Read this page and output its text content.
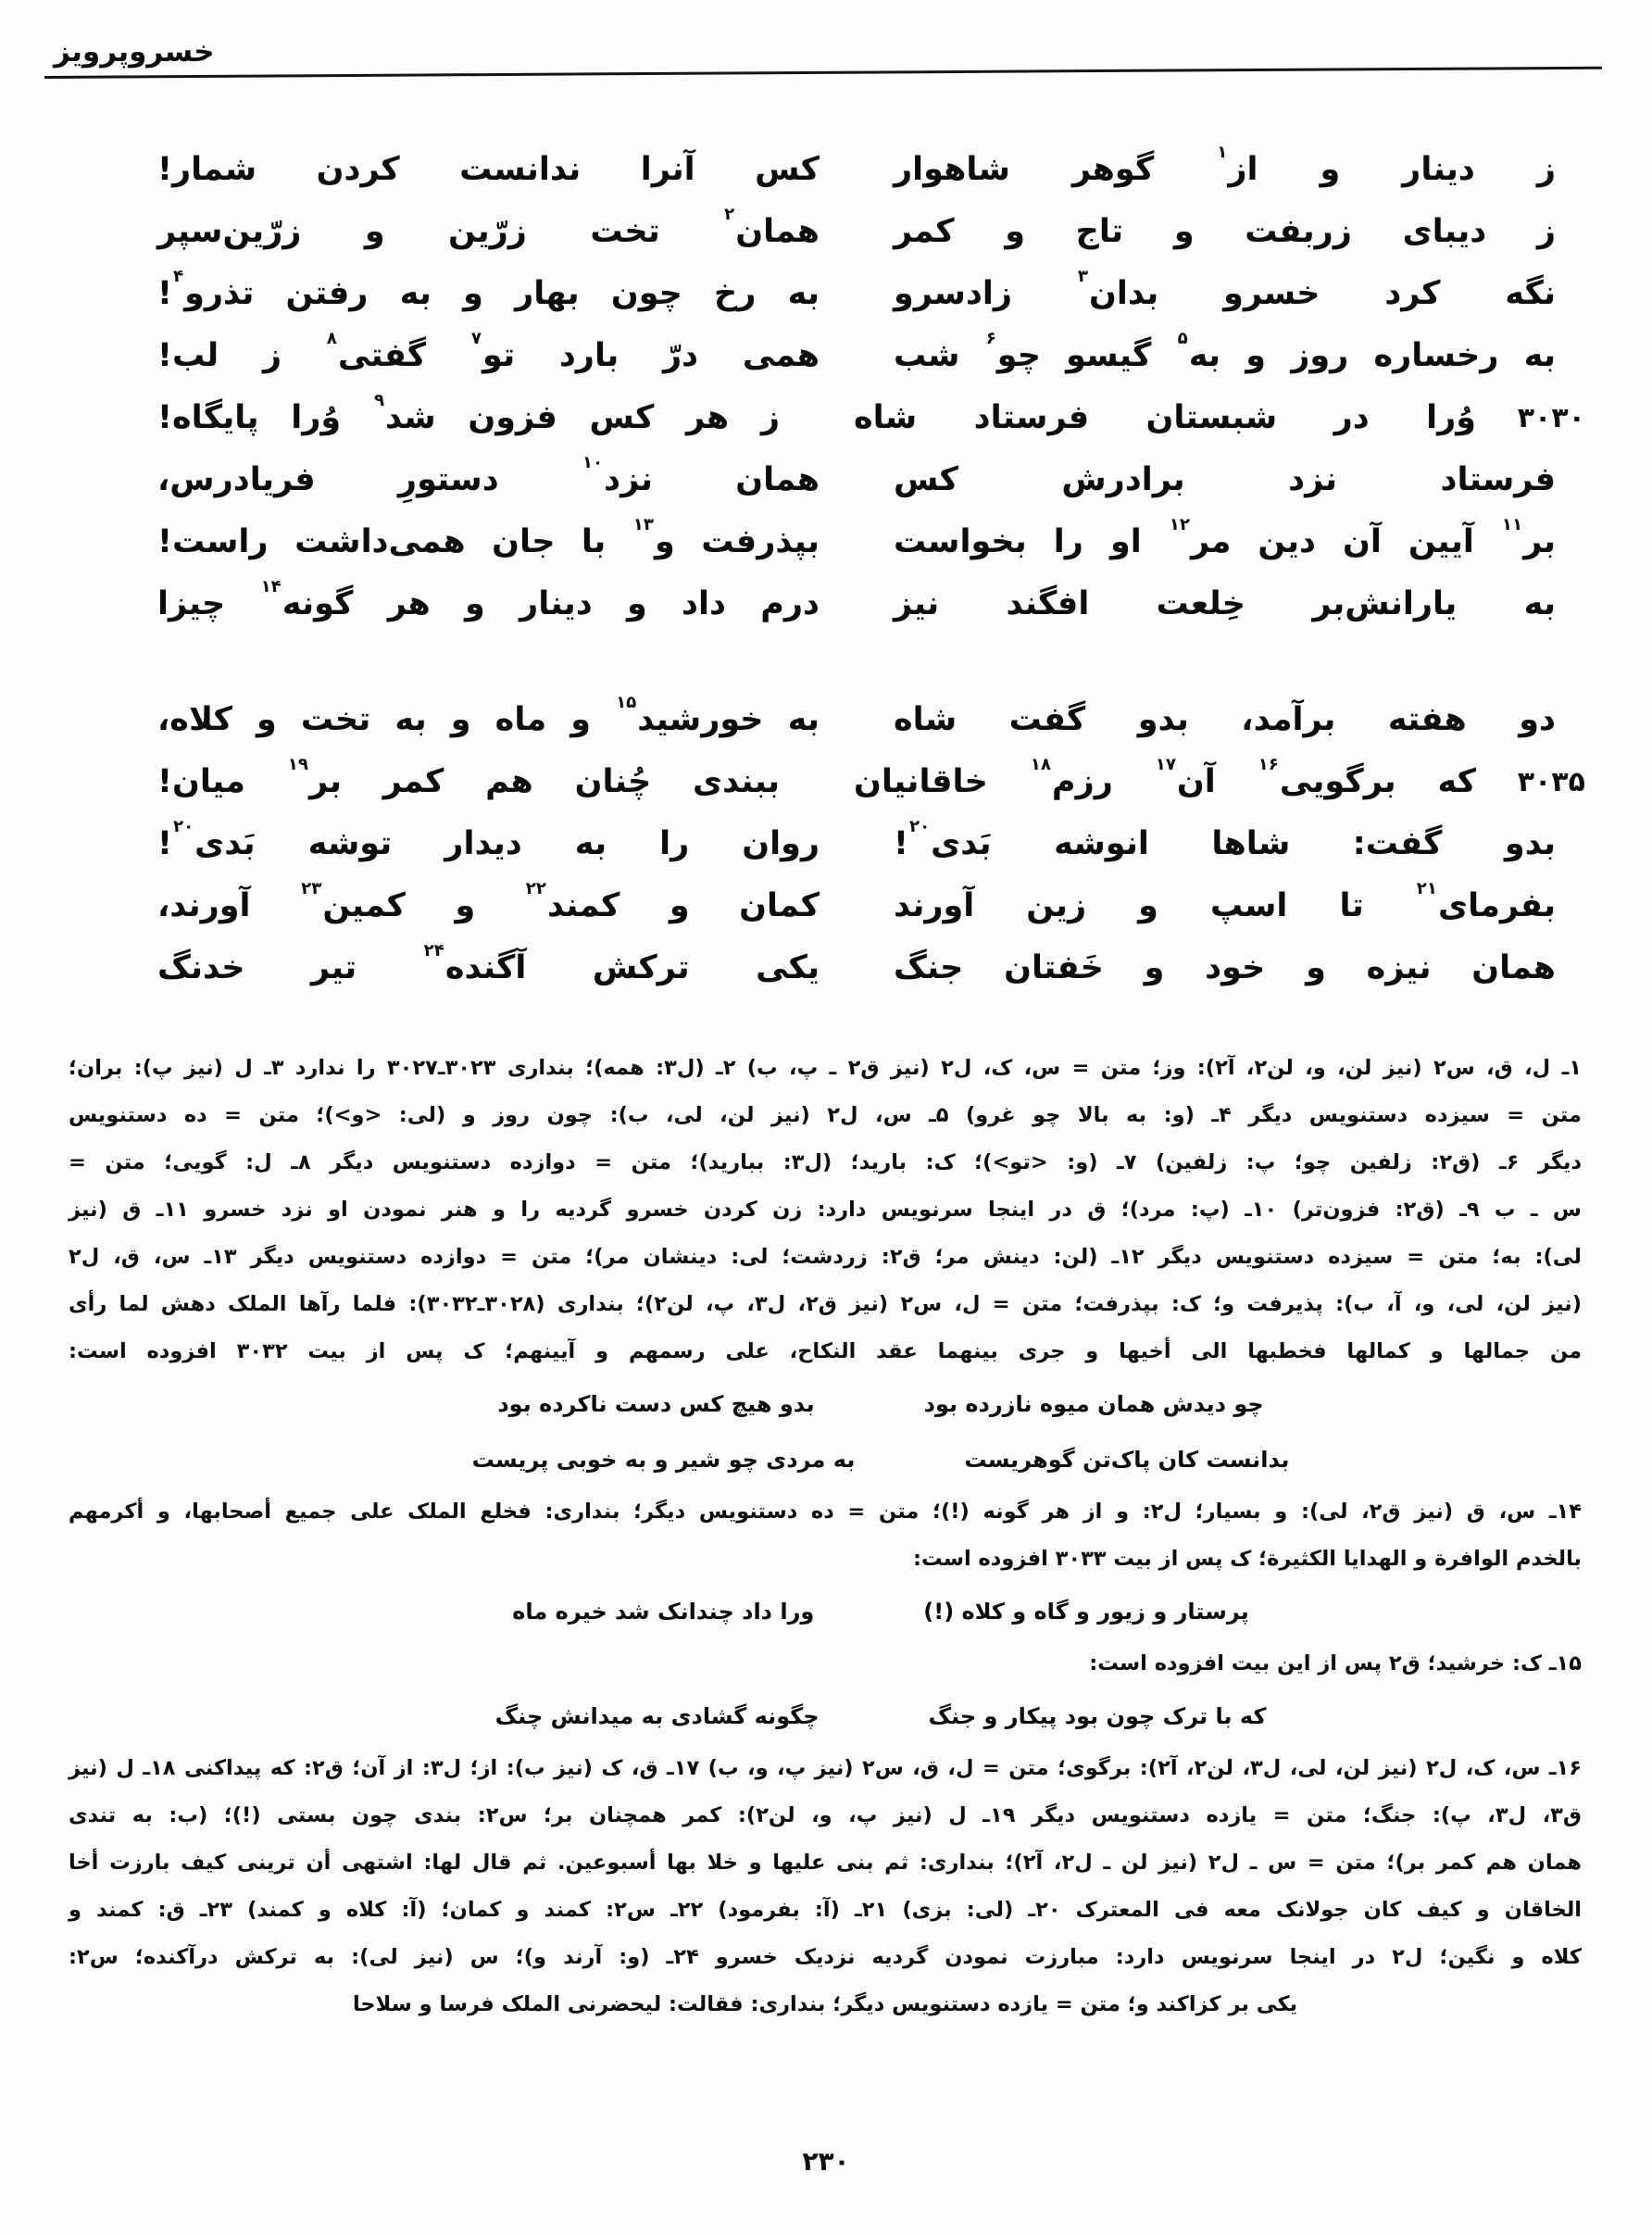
خسروپرویز
ز دینار و از$^۱$ گوهر شاهوار
کس آنرا ندانست کردن شمار!
ز دیبای زربفت و تاج و کمر
همان$^۲$ تخت زرّین و زرّین‌سپر
نگه کرد خسرو بدان$^۳$ زادسرو
به رخ چون بهار و به رفتن تذرو$^۴$!
به رخساره روز و به$^۵$ گیسو چو$^۶$ شب
همی درّ بارد تو$^۷$ گفتی$^۸$ ز لب!
۳۰۳۰
وُرا در شبستان فرستاد شاه
ز هر کس فزون شد$^۹$ وُرا پایگاه!
فرستاد نزد برادرش کس
همان نزد$^{۱۰}$ دستورِ فریادرس،
بر$^{۱۱}$ آیین آن دین مر$^{۱۲}$ او را بخواست
بپذرفت و$^{۱۳}$ با جان همی‌داشت راست!
به یارانش‌بر خِلعت افگند نیز
درم داد و دینار و هر گونه$^{۱۴}$ چیزا
دو هفته برآمد، بدو گفت شاه
به خورشید$^{۱۵}$ و ماه و به تخت و کلاه،
۳۰۳۵
که برگویی$^{۱۶}$ آن$^{۱۷}$ رزم$^{۱۸}$ خاقانیان
ببندی چُنان هم کمر بر$^{۱۹}$ میان!
بدو گفت: شاها انوشه بَدی$^{۲۰}$!
روان را به دیدار توشه بَدی$^{۲۰}$!
بفرمای$^{۲۱}$ تا اسپ و زین آورند
کمان و کمند$^{۲۲}$ و کمین$^{۲۳}$ آورند،
همان نیزه و خود و خَفتان جنگ
یکی ترکش آگنده$^{۲۴}$ تیر خدنگ

۱ـ ل، ق، س۲ (نیز لن، و، لن۲، آ۲): وز؛ متن = س، ک، ل۲ (نیز ق۲ ـ پ، ب) ۲ـ (ل۳: همه)؛ بنداری ۳۰۲۳ـ۳۰۲۷ را ندارد ۳ـ ل (نیز پ): بران؛

متن = سیزده دستنویس دیگر ۴ـ (و: به بالا چو غرو) ۵ـ س، ل۲ (نیز لن، لی، ب): چون روز و (لی: <و>)؛ متن = ده دستنویس

دیگر ۶ـ (ق۲: زلفین چو؛ پ: زلفین) ۷ـ (و: <تو>)؛ ک: بارید؛ (ل۳: ببارید)؛ متن = دوازده دستنویس دیگر ۸ـ ل: گویی؛ متن =

س ـ ب ۹ـ (ق۲: فزون‌تر) ۱۰ـ (پ: مرد)؛ ق در اینجا سرنویس دارد: زن کردن خسرو گردیه را و هنر نمودن او نزد خسرو ۱۱ـ ق (نیز

لی): به؛ متن = سیزده دستنویس دیگر ۱۲ـ (لن: دینش مر؛ ق۲: زردشت؛ لی: دینشان مر)؛ متن = دوازده دستنویس دیگر ۱۳ـ س، ق، ل۲

(نیز لن، لی، و، آ، ب): پذیرفت و؛ ک: بپذرفت؛ متن = ل، س۲ (نیز ق۲، ل۳، پ، لن۲)؛ بنداری (۳۰۲۸ـ۳۰۳۲): فلما رآها الملک دهش لما رأی

من جمالها و کمالها فخطبها الی أخیها و جری بینهما عقد النکاح، علی رسمهم و آیینهم؛ ک پس از بیت ۳۰۳۲ افزوده است:

چو دیدش همان میوه نازرده بود
بدو هیچ کس دست ناکرده بود
بدانست کان پاک‌تن گوهریست
به مردی چو شیر و به خوبی پریست

۱۴ـ س، ق (نیز ق۲، لی): و بسیار؛ ل۲: و از هر گونه (!)؛ متن = ده دستنویس دیگر؛ بنداری: فخلع الملک علی جمیع أصحابها، و أکرمهم

بالخدم الوافرة و الهدایا الکثیرة؛ ک پس از بیت ۳۰۳۳ افزوده است:

پرستار و زیور و گاه و کلاه (!)
ورا داد چندانک شد خیره ماه

۱۵ـ ک: خرشید؛ ق۲ پس از این بیت افزوده است:

که با ترک چون بود پیکار و جنگ
چگونه گشادی به میدانش چنگ

۱۶ـ س، ک، ل۲ (نیز لن، لی، ل۳، لن۲، آ۲): برگوی؛ متن = ل، ق، س۲ (نیز پ، و، ب) ۱۷ـ ق، ک (نیز ب): از؛ ل۳: از آن؛ ق۲: که پیداکنی ۱۸ـ ل (نیز

ق۳، ل۳، پ): جنگ؛ متن = یازده دستنویس دیگر ۱۹ـ ل (نیز پ، و، لن۲): کمر همچنان بر؛ س۲: بندی چون بستی (!)؛ (ب: به تندی

همان هم کمر بر)؛ متن = س ـ ل۲ (نیز لن ـ ل۲، آ۲)؛ بنداری: ثم بنی علیها و خلا بها أسبوعین. ثم قال لها: اشتهی أن ترینی کیف بارزت أخا

الخاقان و کیف کان جولانک معه فی المعترک ۲۰ـ (لی: بزی) ۲۱ـ (آ: بفرمود) ۲۲ـ س۲: کمند و کمان؛ (آ: کلاه و کمند) ۲۳ـ ق: کمند و

کلاه و نگین؛ ل۲ در اینجا سرنویس دارد: مبارزت نمودن گردیه نزدیک خسرو ۲۴ـ (و: آرند و)؛ س (نیز لی): به ترکش درآکنده؛ س۲:

یکی بر کزاکند و؛ متن = یازده دستنویس دیگر؛ بنداری: فقالت: لیحضرنی الملک فرسا و سلاحا

۲۳۰
